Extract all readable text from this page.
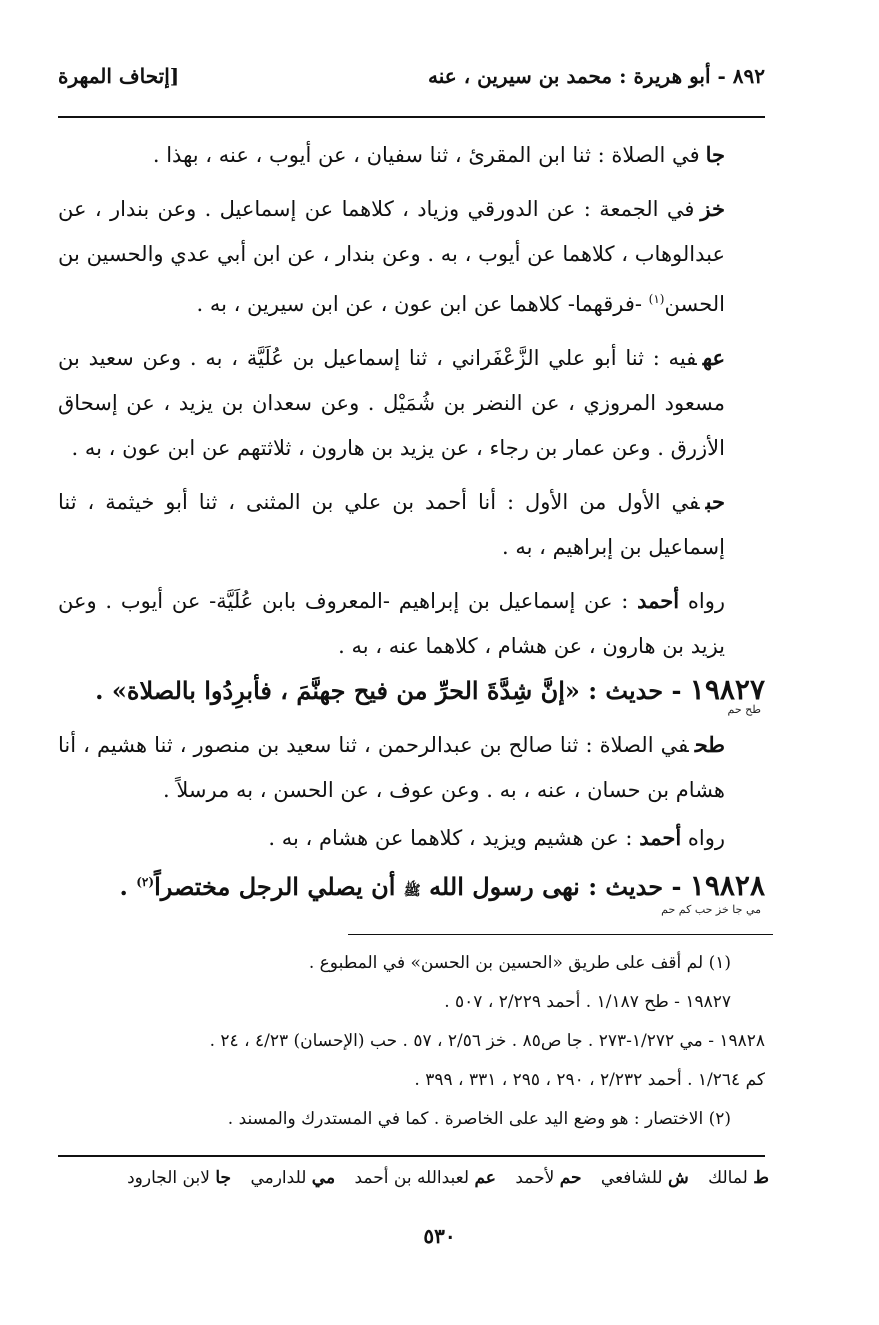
٨٩٢ - أبو هريرة : محمد بن سيرين ، عنه
[إتحاف المهرة

جافي الصلاة : ثنا ابن المقرئ ، ثنا سفيان ، عن أيوب ، عنه ، بهذا .

خزفي الجمعة : عن الدورقي وزياد ، كلاهما عن إسماعيل . وعن بندار ، عن عبدالوهاب ، كلاهما عن أيوب ، به . وعن بندار ، عن ابن أبي عدي والحسين بن الحسن$^{(١)}$ -فرقهما- كلاهما عن ابن عون ، عن ابن سيرين ، به .

عهفيه : ثنا أبو علي الزَّعْفَراني ، ثنا إسماعيل بن عُلَيَّة ، به . وعن سعيد بن مسعود المروزي ، عن النضر بن شُمَيْل . وعن سعدان بن يزيد ، عن إسحاق الأزرق . وعن عمار بن رجاء ، عن يزيد بن هارون ، ثلاثتهم عن ابن عون ، به .

حبفي الأول من الأول : أنا أحمد بن علي بن المثنى ، ثنا أبو خيثمة ، ثنا إسماعيل بن إبراهيم ، به .

رواه أحمد : عن إسماعيل بن إبراهيم -المعروف بابن عُلَيَّة- عن أيوب . وعن يزيد بن هارون ، عن هشام ، كلاهما عنه ، به .

١٩٨٢٧ - حديث : «إنَّ شِدَّةَ الحرِّ من فيح جهنَّمَ ، فأبرِدُوا بالصلاة» .
طح حم

طحفي الصلاة : ثنا صالح بن عبدالرحمن ، ثنا سعيد بن منصور ، ثنا هشيم ، أنا هشام بن حسان ، عنه ، به . وعن عوف ، عن الحسن ، به مرسلاً .

رواه أحمد : عن هشيم ويزيد ، كلاهما عن هشام ، به .

١٩٨٢٨ - حديث : نهى رسول الله ﷺ أن يصلي الرجل مختصراً$^{(٢)}$ .
مي جا خز حب كم حم
(١) لم أقف على طريق «الحسين بن الحسن» في المطبوع .
١٩٨٢٧ - طح ١/١٨٧ . أحمد ٢/٢٢٩ ، ٥٠٧ .
١٩٨٢٨ - مي ١/٢٧٢-٢٧٣ . جا ص٨٥ . خز ٢/٥٦ ، ٥٧ . حب (الإحسان) ٤/٢٣ ، ٢٤ .
كم ١/٢٦٤ . أحمد ٢/٢٣٢ ، ٢٩٠ ، ٢٩٥ ، ٣٣١ ، ٣٩٩ .
(٢) الاختصار : هو وضع اليد على الخاصرة . كما في المستدرك والمسند .
ط لمالك ش للشافعي حم لأحمد عم لعبدالله بن أحمد مي للدارمي جا لابن الجارود
٥٣٠
